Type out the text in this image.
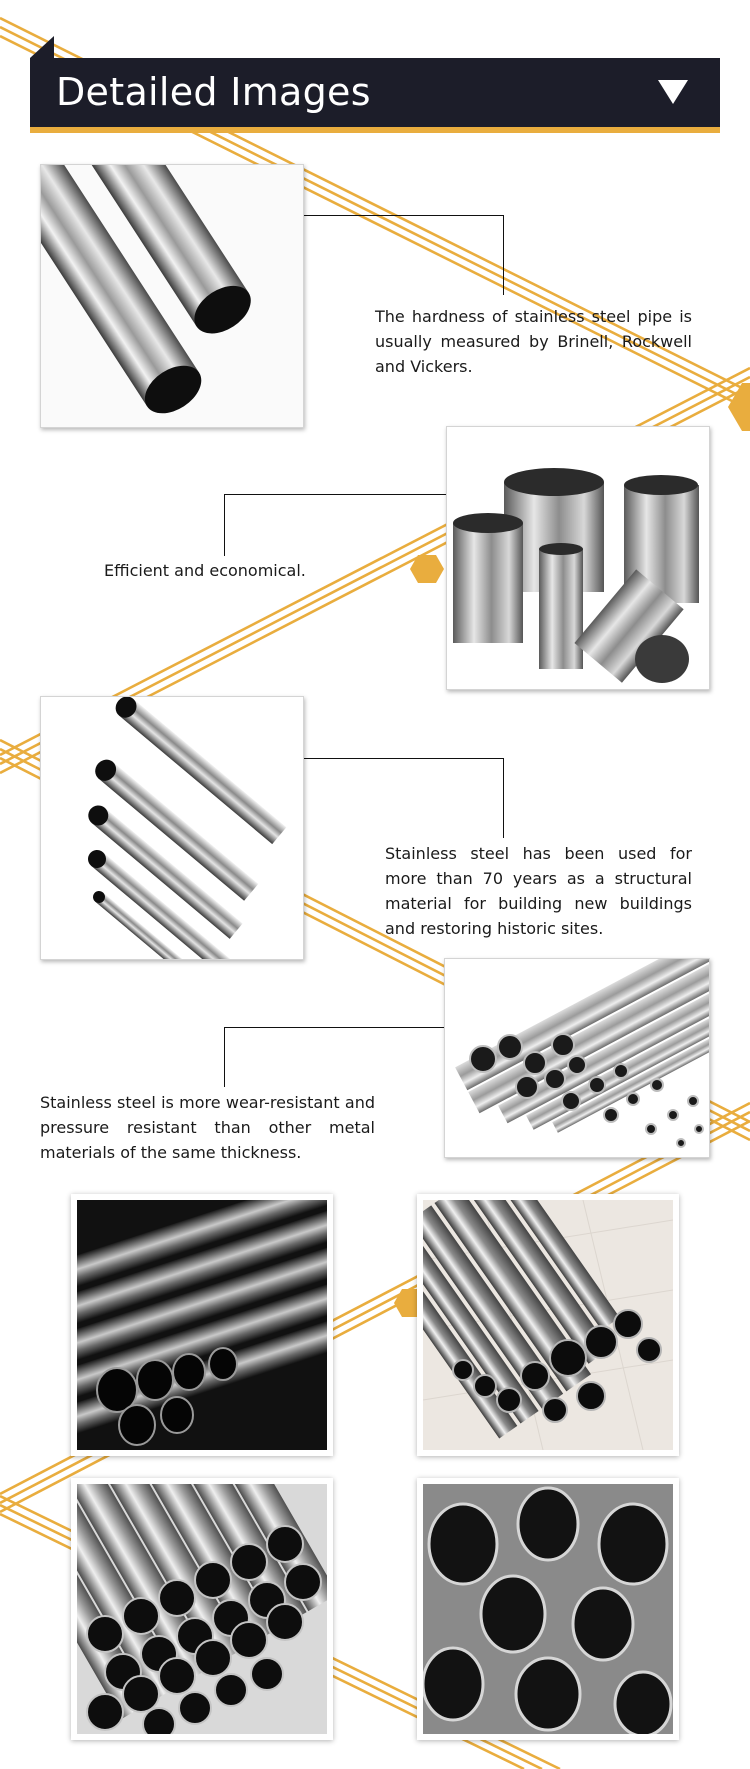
Detailed Images
The hardness of stainless steel pipe is usually measured by Brinell, Rockwell and Vickers.
Efficient and economical.
Stainless steel has been used for more than 70 years as a structural material for building new buildings and restoring historic sites.
Stainless steel is more wear-resistant and pressure resistant than other metal materials of the same thickness.
